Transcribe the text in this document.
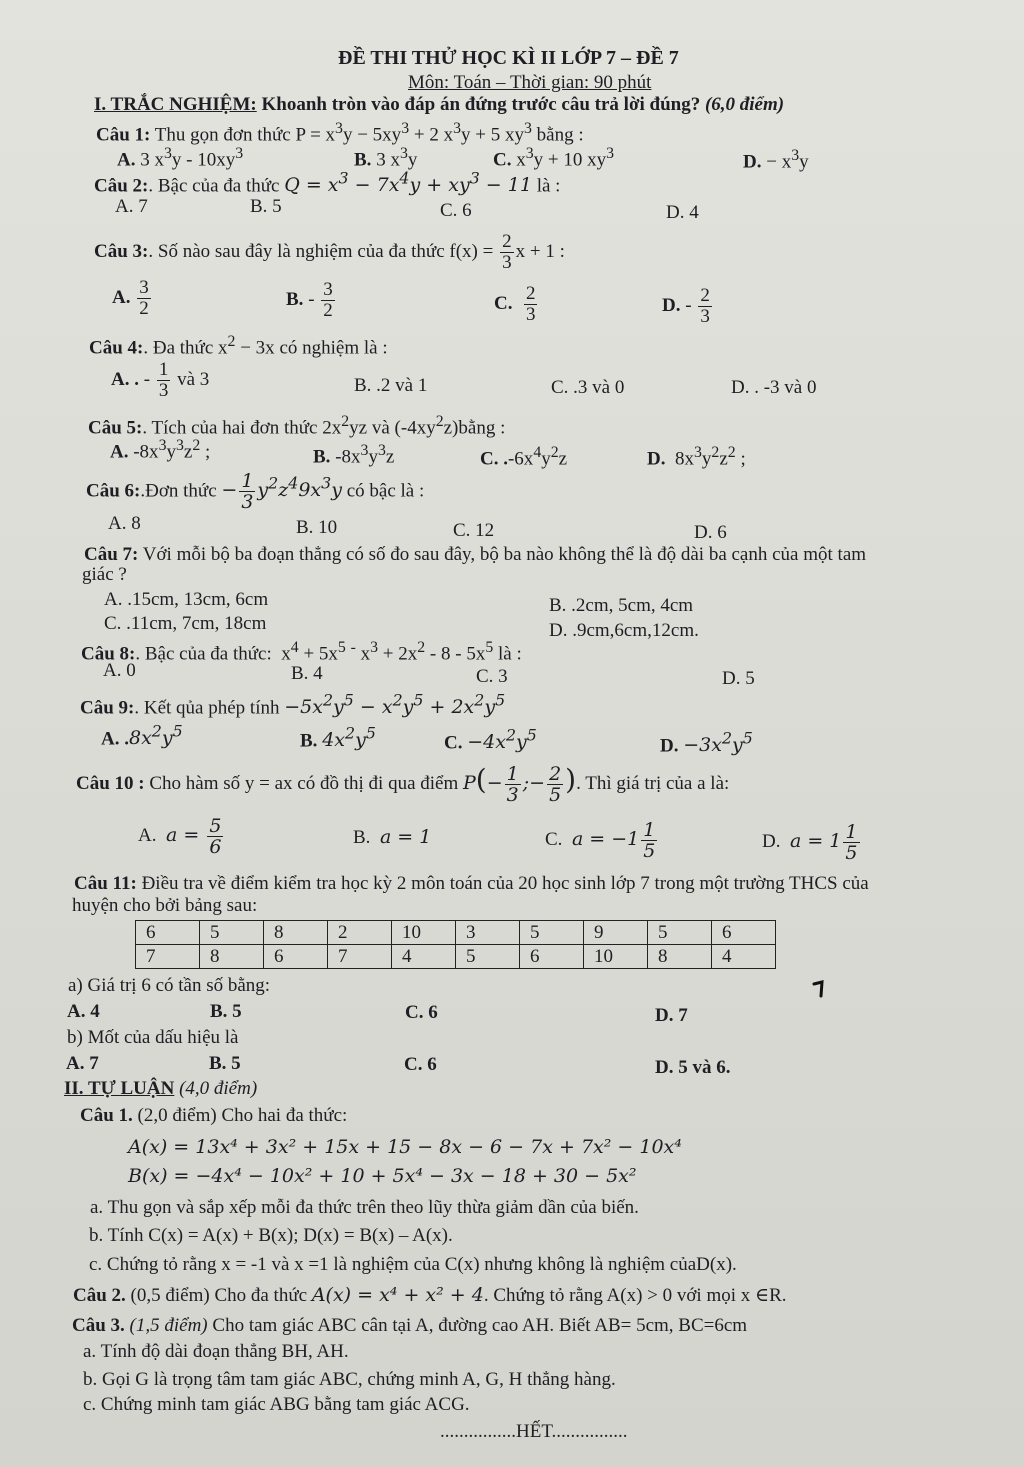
ĐỀ THI THỬ HỌC KÌ II LỚP 7 – ĐỀ 7
Môn: Toán – Thời gian: 90 phút
I. TRẮC NGHIỆM: Khoanh tròn vào đáp án đứng trước câu trả lời đúng? (6,0 điểm)
Câu 1: Thu gọn đơn thức $P = x^3y - 5xy^3 + 2$ $x^3y + 5$ $xy^3$ bằng :
A. 3 $x^3y - 10xy^3$	B. 3 $x^3y$	C. $x^3y + 10$ $xy^3$	D. − $x^3y$
Câu 2:. Bậc của đa thức $Q = x^3 - 7x^4y + xy^3 - 11$ là :
A. 7	B. 5	C. 6	D. 4
Câu 3:. Số nào sau đây là nghiệm của đa thức $f(x) = \frac{2}{3}$ x + 1 :
A. $\frac{3}{2}$	B. - $\frac{3}{2}$	C. $\frac{2}{3}$	D. - $\frac{2}{3}$
Câu 4:. Đa thức $x^2 - 3x$ có nghiệm là :
A. . - $\frac{1}{3}$ và 3	B. .2 và 1	C. .3 và 0	D. . -3 và 0
Câu 5:. Tích của hai đơn thức $2x^2yz$ và $(-4xy^2z)bằng$ :
A. $-8x^3y^3z^2$ ;	B. $-8x^3y^3z$	C. $.-6x^4y^2z$	D.  $8x^3y^2z^2$ ;
Câu 6:.Đơn thức − $\frac{1}{3} y^2z^49x^3y$ có bậc là :
A. 8	B. 10	C. 12	D. 6
Câu 7: Với mỗi bộ ba đoạn thẳng có số đo sau đây, bộ ba nào không thể là độ dài ba cạnh của một tam
giác ?
A. .15cm, 13cm, 6cm	B. .2cm, 5cm, 4cm
C. .11cm, 7cm, 18cm	D. .9cm,6cm,12cm.
Câu 8:. Bậc của đa thức:  $x^4 + 5x^5$ - $x^3 + 2x^2 - 8 - 5x^5$ là :
A. 0	B. 4	C. 3	D. 5
Câu 9:. Kết qủa phép tính $-5x^2y^5 - x^2y^5 + 2x^2y^5$
A. $.8x^2y^5$	B. $4x^2y^5$	C. $-4x^2y^5$	D. $-3x^2y^5$
Câu 10 : Cho hàm số y = ax có đồ thị đi qua điểm $P(- \frac{1}{3}$ ;− $\frac{2}{5}$ ). Thì giá trị của a là:
A. $a = \frac{5}{6}$	B. a = 1	C. $a = -1 \frac{1}{5}$	D. $a = 1 \frac{1}{5}$
Câu 11: Điều tra về điểm kiểm tra học kỳ 2 môn toán của 20 học sinh lớp 7 trong một trường THCS của
huyện cho bởi bảng sau:
6	5	8	2	10	3	5	9	5	6
7	8	6	7	4	5	6	10	8	4
a) Giá trị 6 có tần số bằng:
A. 4	B. 5	C. 6	D. 7
b) Mốt của dấu hiệu là
A. 7	B. 5	C. 6	D. 5 và 6.
II. TỰ LUẬN (4,0 điểm)
Câu 1. (2,0 điểm) Cho hai đa thức:
A(x) = 13x⁴ + 3x² + 15x + 15 − 8x − 6 − 7x + 7x² − 10x⁴
B(x) = −4x⁴ − 10x² + 10 + 5x⁴ − 3x − 18 + 30 − 5x²
a. Thu gọn và sắp xếp mỗi đa thức trên theo lũy thừa giảm dần của biến.
b. Tính C(x) = A(x) + B(x); D(x) = B(x) – A(x).
c. Chứng tỏ rằng x = -1 và x =1 là nghiệm của C(x) nhưng không là nghiệm củaD(x).
Câu 2. (0,5 điểm) Cho đa thức A(x) = x⁴ + x² + 4. Chứng tỏ rằng A(x) > 0 với mọi x ∈R.
Câu 3. (1,5 điểm) Cho tam giác ABC cân tại A, đường cao AH. Biết AB= 5cm, BC=6cm
a. Tính độ dài đoạn thẳng BH, AH.
b. Gọi G là trọng tâm tam giác ABC, chứng minh A, G, H thẳng hàng.
c. Chứng minh tam giác ABG bằng tam giác ACG.
................HẾT................
